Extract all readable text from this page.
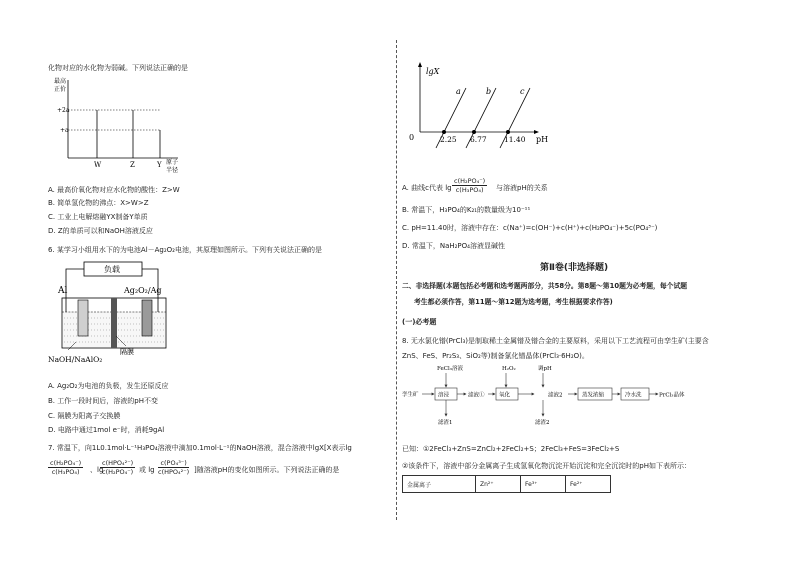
化物对应的水化物为弱碱。下列说法正确的是
最高
正价
+2a
+a
W	Z	Y 原子
半径
A. 最高价氧化物对应水化物的酸性：Z>W
B. 简单氢化物的沸点：X>W>Z
C. 工业上电解熔融YX制备Y单质
D. Z的单质可以和NaOH溶液反应
6. 某学习小组用水下的为电池Al－Ag₂O₂电池，其原理如图所示。下列有关说法正确的是
负载
Al	Ag₂O₂/Ag
隔膜
NaOH/NaAlO₂
A. Ag₂O₂为电池的负极，发生还原反应
B. 工作一段时间后，溶液的pH不变
C. 隔膜为阳离子交换膜
D. 电路中通过1mol e⁻时，消耗9gAl
7. 常温下，向1L0.1mol·L⁻¹H₃PO₄溶液中滴加0.1mol·L⁻¹的NaOH溶液，混合溶液中lgX[X表示lg
$\frac{\text{c(H₂PO₄⁻)}}{\text{c(H₃PO₄)}}$ 、lg
c(HPO₄²⁻)
c(H₂PO₄⁻) 或 lg
c(PO₄³⁻)
c(HPO₄²⁻) ]随溶液pH的变化如图所示。下列说法正确的是
lgX
pH
0
a
2.25
b
6.77
c
11.40
A. 曲线c代表 $\lg \frac{\text{c(H₂PO₄⁻)}}{\text{c(H₃PO₄)}}$ 与溶液pH的关系
B. 常温下，H₃PO₄的K₂₁的数量级为10⁻¹¹
C. pH=11.40时，溶液中存在：c(Na⁺)=c(OH⁻)+c(H⁺)+c(H₂PO₄⁻)+5c(PO₄³⁻)
D. 常温下，NaH₂PO₄溶液显碱性
第Ⅱ卷(非选择题)
二、非选择题(本题包括必考题和选考题两部分，共58分。第8题～第10题为必考题，每个试题
考生都必须作答，第11题～第12题为选考题，考生根据要求作答)
(一)必考题
8. 无水氯化镨(PrCl₃)是制取稀土金属镨及镨合金的主要原料，采用以下工艺流程可由孪生矿(主要含
ZnS、FeS、Pr₂S₃、SiO₂等)制备氯化镨晶体(PrCl₃·6H₂O)。
FeCl₃溶液	H₂O₂	调pH
孪生矿	溶浸	滤液①	氧化	滤液2	蒸发浓缩	冷水洗	PrCl₃晶体
滤渣1	滤渣2
已知：①2FeCl₃+ZnS=ZnCl₂+2FeCl₂+S；2FeCl₃+FeS=3FeCl₂+S
②该条件下，溶液中部分金属离子生成氢氧化物沉淀开始沉淀和完全沉淀时的pH如下表所示：
金属离子	Zn²⁺	Fe³⁺	Fe²⁺
